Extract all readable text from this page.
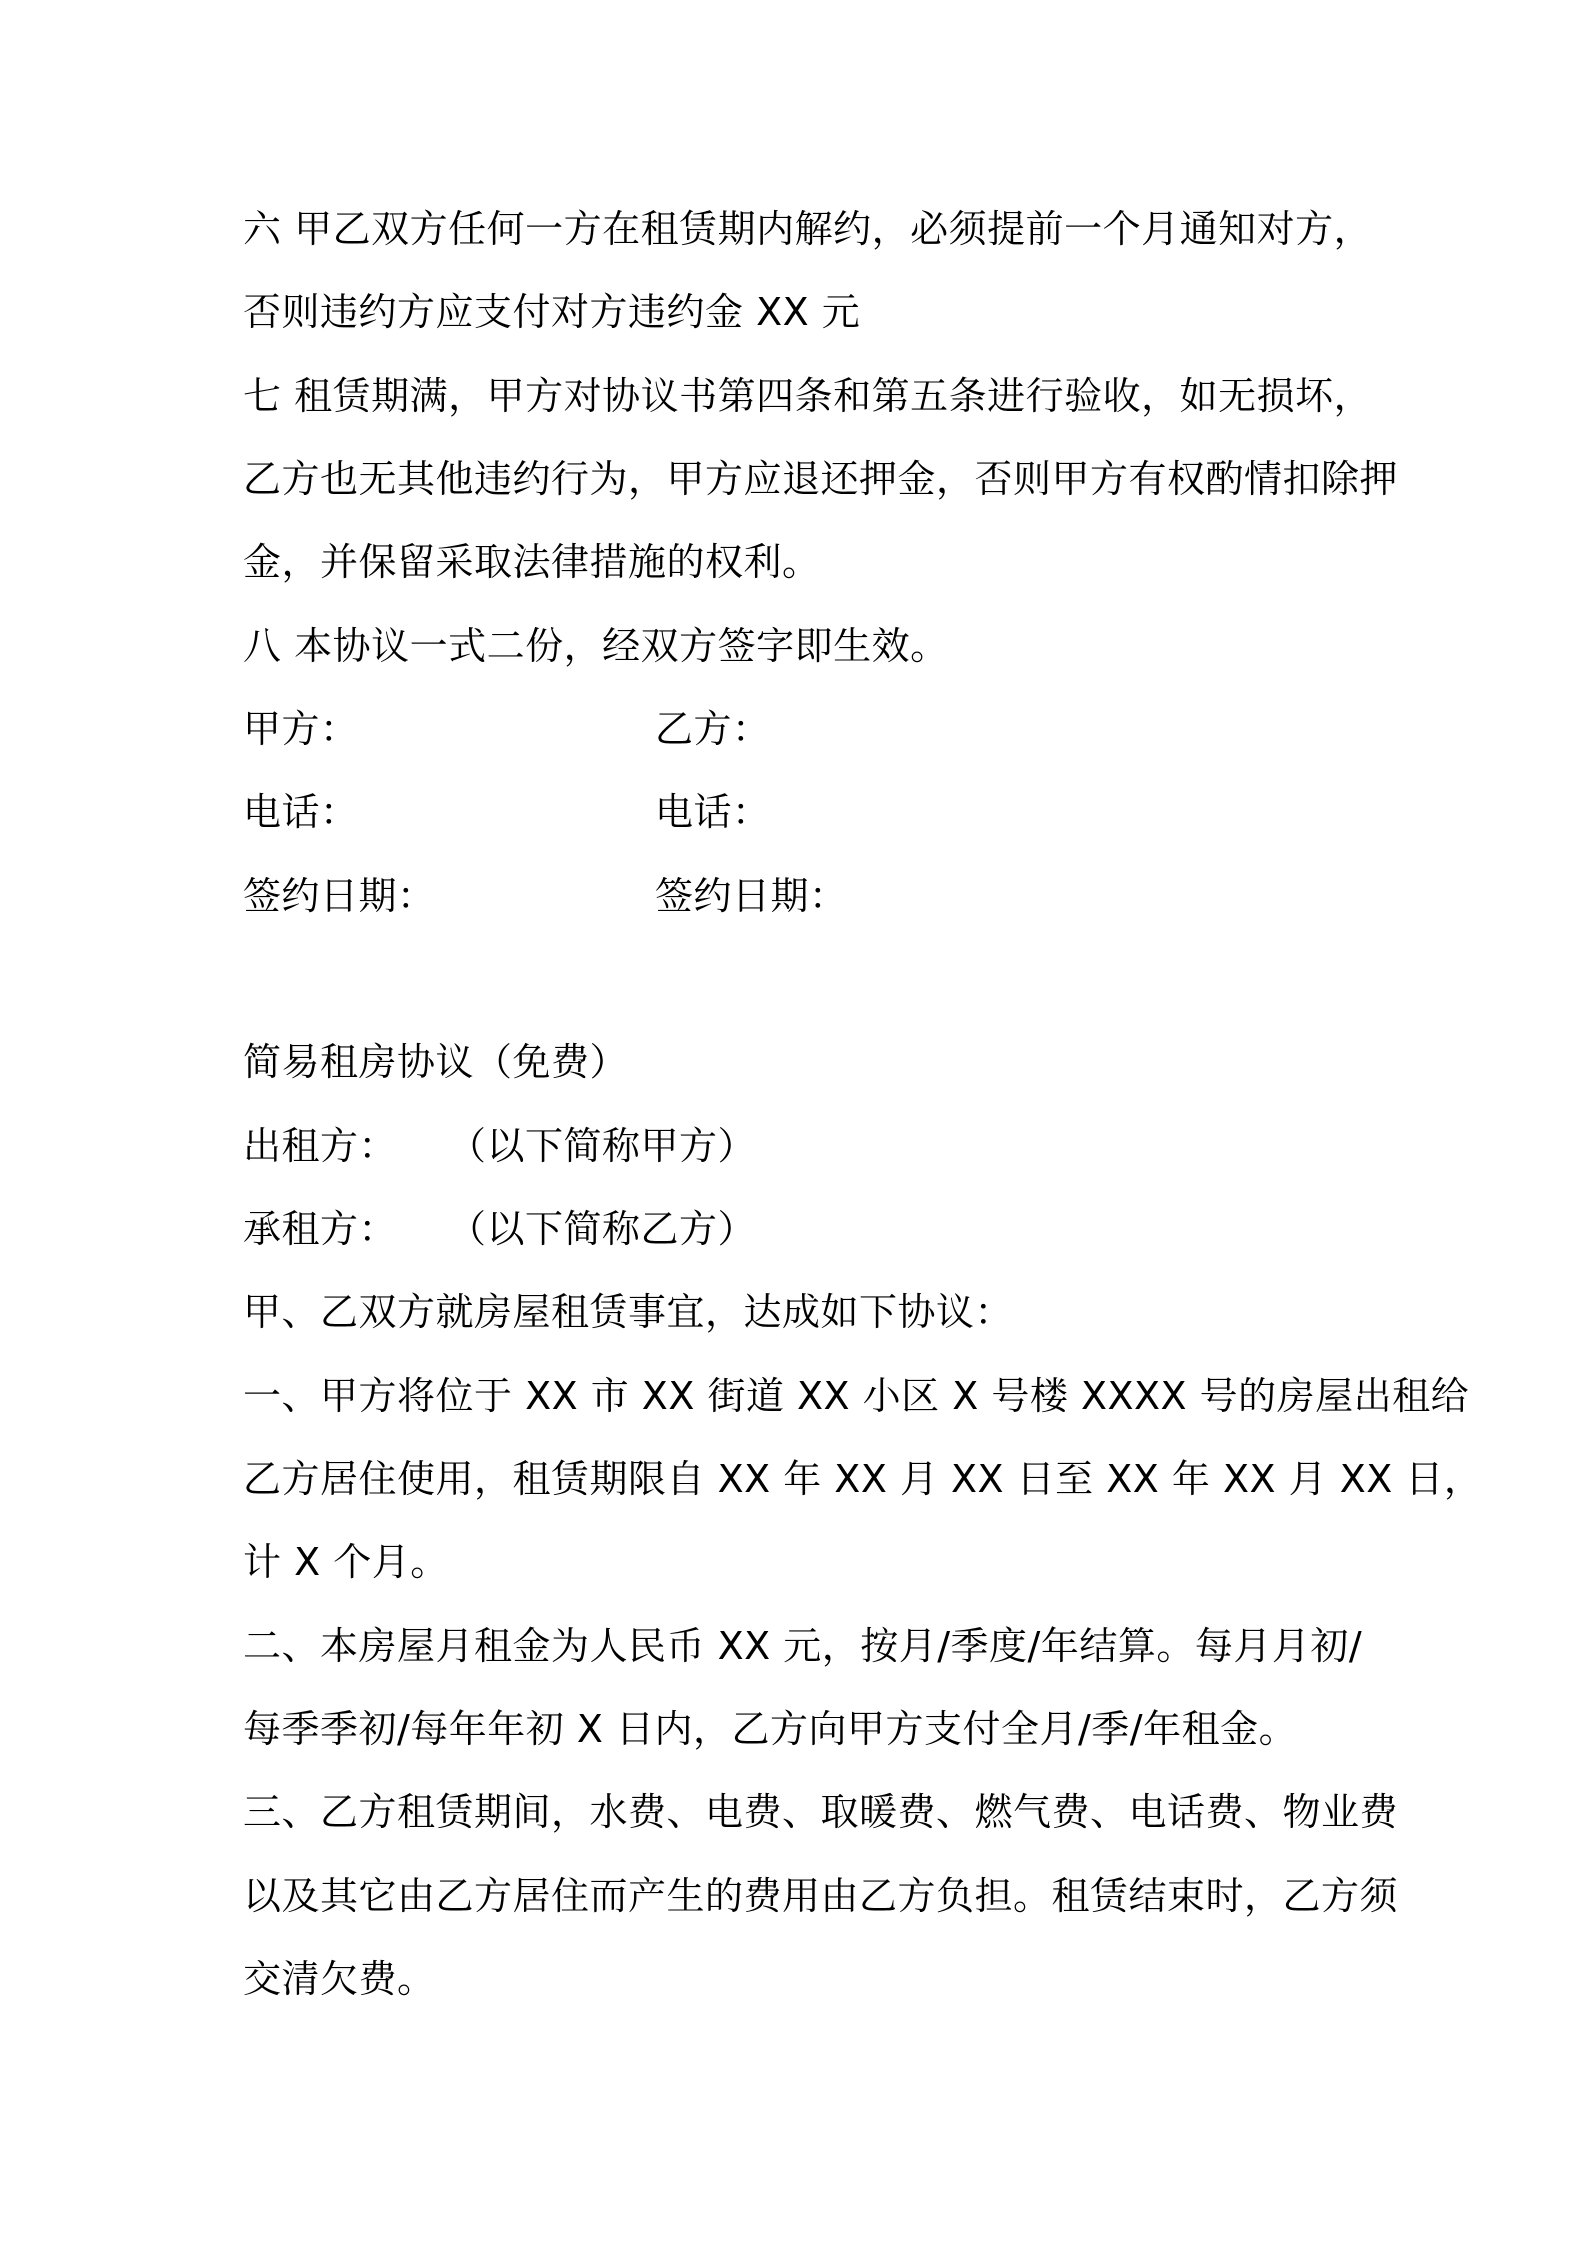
六 甲乙双方任何一方在租赁期内解约，必须提前一个月通知对方，
否则违约方应支付对方违约金 XX 元
七 租赁期满，甲方对协议书第四条和第五条进行验收，如无损坏，
乙方也无其他违约行为，甲方应退还押金，否则甲方有权酌情扣除押
金，并保留采取法律措施的权利。
八 本协议一式二份，经双方签字即生效。
甲方：	乙方：
电话：	电话：
签约日期：	签约日期：
简易租房协议（免费）
出租方： （以下简称甲方）
承租方： （以下简称乙方）
甲、乙双方就房屋租赁事宜，达成如下协议：
一、甲方将位于 XX 市 XX 街道 XX 小区 X 号楼 XXXX 号的房屋出租给
乙方居住使用，租赁期限自 XX 年 XX 月 XX 日至 XX 年 XX 月 XX 日，
计 X 个月。
二、本房屋月租金为人民币 XX 元，按月/季度/年结算。每月月初/
每季季初/每年年初 X 日内，乙方向甲方支付全月/季/年租金。
三、乙方租赁期间，水费、电费、取暖费、燃气费、电话费、物业费
以及其它由乙方居住而产生的费用由乙方负担。租赁结束时，乙方须
交清欠费。
